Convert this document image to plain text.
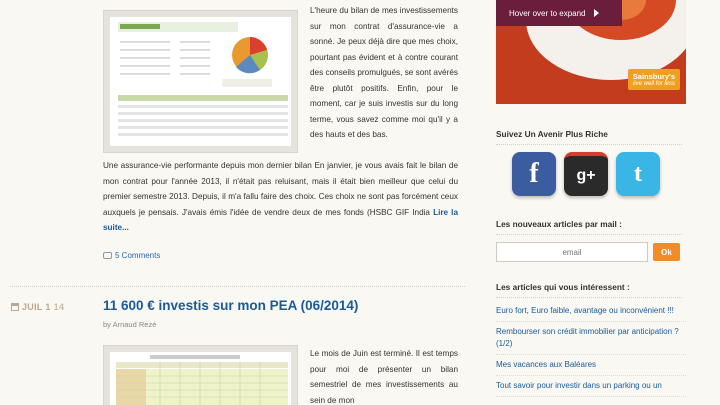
L'heure du bilan de mes investissements sur mon contrat d'assurance-vie a sonné. Je peux déjà dire que mes choix, pourtant pas évident et à contre courant des conseils promulgués, se sont avérés être plutôt positifs. Enfin, pour le moment, car je suis investis sur du long terme, vous savez comme moi qu'il y a des hauts et des bas.
Une assurance-vie performante depuis mon dernier bilan En janvier, je vous avais fait le bilan de mon contrat pour l'année 2013, il n'était pas reluisant, mais il était bien meilleur que celui du premier semestre 2013. Depuis, il m'a fallu faire des choix. Ces choix ne sont pas forcément ceux auxquels je pensais. J'avais émis l'idée de vendre deux de mes fonds (HSBC GIF India Lire la suite...
5 Comments
JUIL 1 14	11 600 € investis sur mon PEA (06/2014)
by Arnaud Rezé
Le mois de Juin est terminé. Il est temps pour moi de présenter un bilan semestriel de mes investissements au sein de mon
Hover over to expand
Sainsbury's
live well for less
Suivez Un Avenir Plus Riche
f	g+	t
Les nouveaux articles par mail :
email
Ok
Les articles qui vous intéressent :
Euro fort, Euro faible, avantage ou inconvénient !!!
Rembourser son crédit immobilier par anticipation ? (1/2)
Mes vacances aux Baléares
Tout savoir pour investir dans un parking ou un
